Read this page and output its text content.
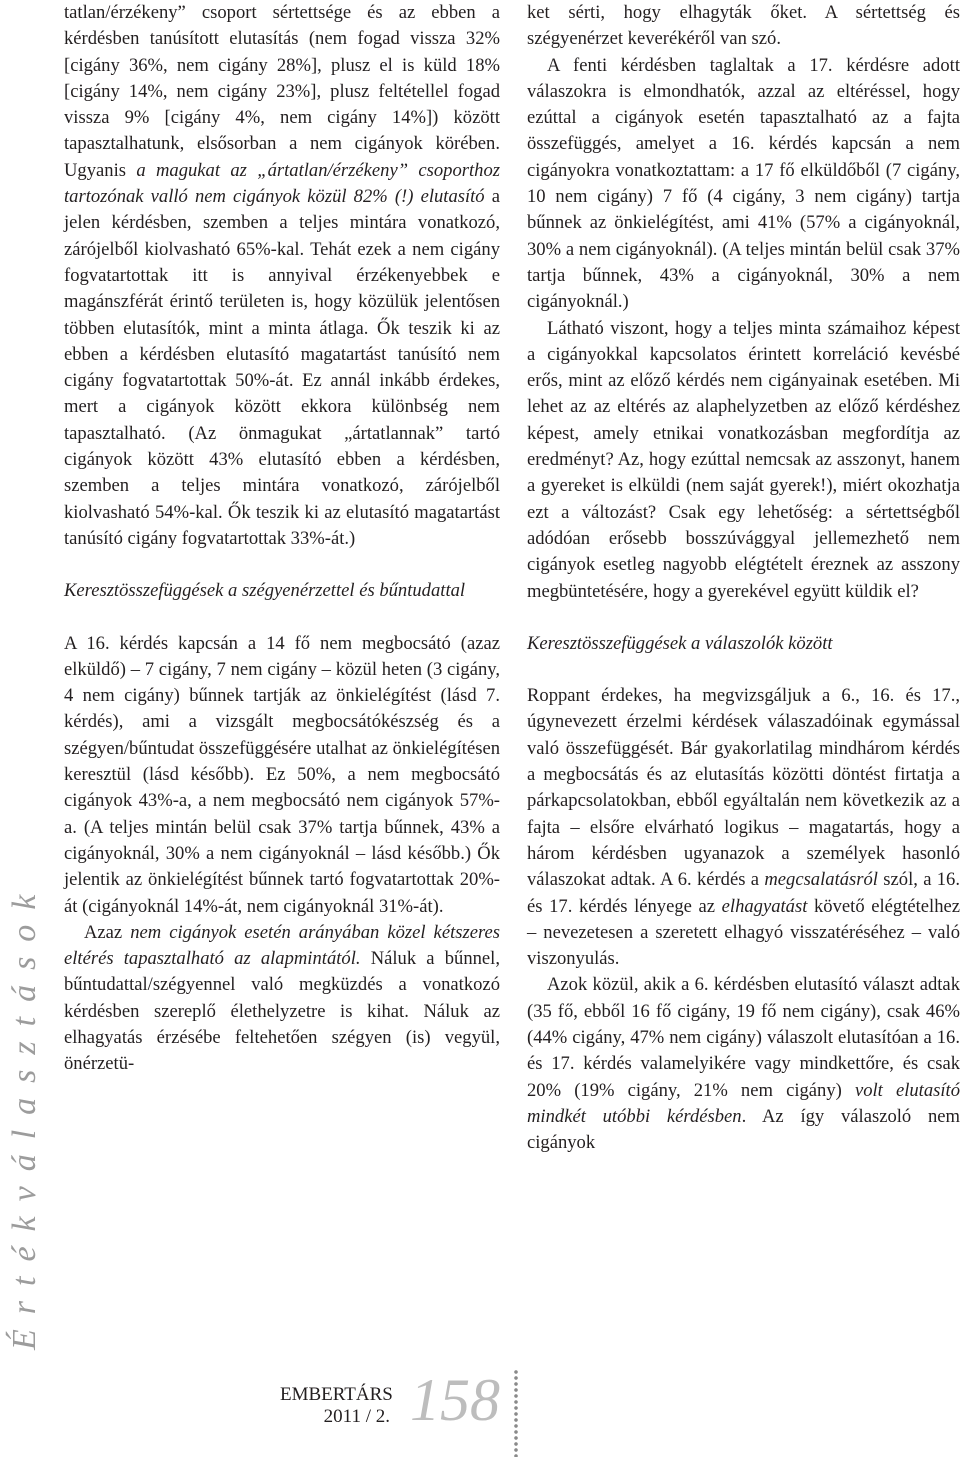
tatlan/érzékeny” csoport sértettsége és az ebben a kérdésben tanúsított elutasítás (nem fogad vissza 32% [cigány 36%, nem cigány 28%], plusz el is küld 18% [cigány 14%, nem cigány 23%], plusz feltétellel fogad vissza 9% [cigány 4%, nem cigány 14%]) között tapasztalhatunk, elsősorban a nem cigányok körében. Ugyanis a magukat az „ártatlan/érzékeny” csoporthoz tartozónak valló nem cigányok közül 82% (!) elutasító a jelen kérdésben, szemben a teljes mintára vonatkozó, zárójelből kiolvasható 65%-kal. Tehát ezek a nem cigány fogvatartottak itt is annyival érzékenyebbek e magánszférát érintő területen is, hogy közülük jelentősen többen elutasítók, mint a minta átlaga. Ők teszik ki az ebben a kérdésben elutasító magatartást tanúsító nem cigány fogvatartottak 50%-át. Ez annál inkább érdekes, mert a cigányok között ekkora különbség nem tapasztalható. (Az önmagukat „ártatlannak” tartó cigányok között 43% elutasító ebben a kérdésben, szemben a teljes mintára vonatkozó, zárójelből kiolvasható 54%-kal. Ők teszik ki az elutasító magatartást tanúsító cigány fogvatartottak 33%-át.)

Keresztösszefüggések a szégyenérzettel és bűntudattal

A 16. kérdés kapcsán a 14 fő nem megbocsátó (azaz elküldő) – 7 cigány, 7 nem cigány – közül heten (3 cigány, 4 nem cigány) bűnnek tartják az önkielégítést (lásd 7. kérdés), ami a vizsgált megbocsátókészség és a szégyen/bűntudat összefüggésére utalhat az önkielégítésen keresztül (lásd később). Ez 50%, a nem megbocsátó cigányok 43%-a, a nem megbocsátó nem cigányok 57%-a. (A teljes mintán belül csak 37% tartja bűnnek, 43% a cigányoknál, 30% a nem cigányoknál – lásd később.) Ők jelentik az önkielégítést bűnnek tartó fogvatartottak 20%-át (cigányoknál 14%-át, nem cigányoknál 31%-át).

Azaz nem cigányok esetén arányában közel kétszeres eltérés tapasztalható az alapmintától. Náluk a bűnnel, bűntudattal/szégyennel való megküzdés a vonatkozó kérdésben szereplő élethelyzetre is kihat. Náluk az elhagyatás érzésébe feltehetően szégyen (is) vegyül, önérzetü-

ket sérti, hogy elhagyták őket. A sértettség és szégyenérzet keverékéről van szó.

A fenti kérdésben taglaltak a 17. kérdésre adott válaszokra is elmondhatók, azzal az eltéréssel, hogy ezúttal a cigányok esetén tapasztalható az a fajta összefüggés, amelyet a 16. kérdés kapcsán a nem cigányokra vonatkoztattam: a 17 fő elküldőből (7 cigány, 10 nem cigány) 7 fő (4 cigány, 3 nem cigány) tartja bűnnek az önkielégítést, ami 41% (57% a cigányoknál, 30% a nem cigányoknál). (A teljes mintán belül csak 37% tartja bűnnek, 43% a cigányoknál, 30% a nem cigányoknál.)

Látható viszont, hogy a teljes minta számaihoz képest a cigányokkal kapcsolatos érintett korreláció kevésbé erős, mint az előző kérdés nem cigányainak esetében. Mi lehet az az eltérés az alaphelyzetben az előző kérdéshez képest, amely etnikai vonatkozásban megfordítja az eredményt? Az, hogy ezúttal nemcsak az asszonyt, hanem a gyereket is elküldi (nem saját gyerek!), miért okozhatja ezt a változást? Csak egy lehetőség: a sértettségből adódóan erősebb bosszúvággyal jellemezhető nem cigányok esetleg nagyobb elégtételt éreznek az asszony megbüntetésére, hogy a gyerekével együtt küldik el?

Keresztösszefüggések a válaszolók között

Roppant érdekes, ha megvizsgáljuk a 6., 16. és 17., úgynevezett érzelmi kérdések válaszadóinak egymással való összefüggését. Bár gyakorlatilag mindhárom kérdés a megbocsátás és az elutasítás közötti döntést firtatja a párkapcsolatokban, ebből egyáltalán nem következik az a fajta – elsőre elvárható logikus – magatartás, hogy a három kérdésben ugyanazok a személyek hasonló válaszokat adtak. A 6. kérdés a megcsalatásról szól, a 16. és 17. kérdés lényege az elhagyatást követő elégtételhez – nevezetesen a szeretett elhagyó visszatéréséhez – való viszonyulás.

Azok közül, akik a 6. kérdésben elutasító választ adtak (35 fő, ebből 16 fő cigány, 19 fő nem cigány), csak 46% (44% cigány, 47% nem cigány) válaszolt elutasítóan a 16. és 17. kérdés valamelyikére vagy mindkettőre, és csak 20% (19% cigány, 21% nem cigány) volt elutasító mindkét utóbbi kérdésben. Az így válaszoló nem cigányok

Értékválasztások
EMBERTÁRS
2011 / 2. 158
